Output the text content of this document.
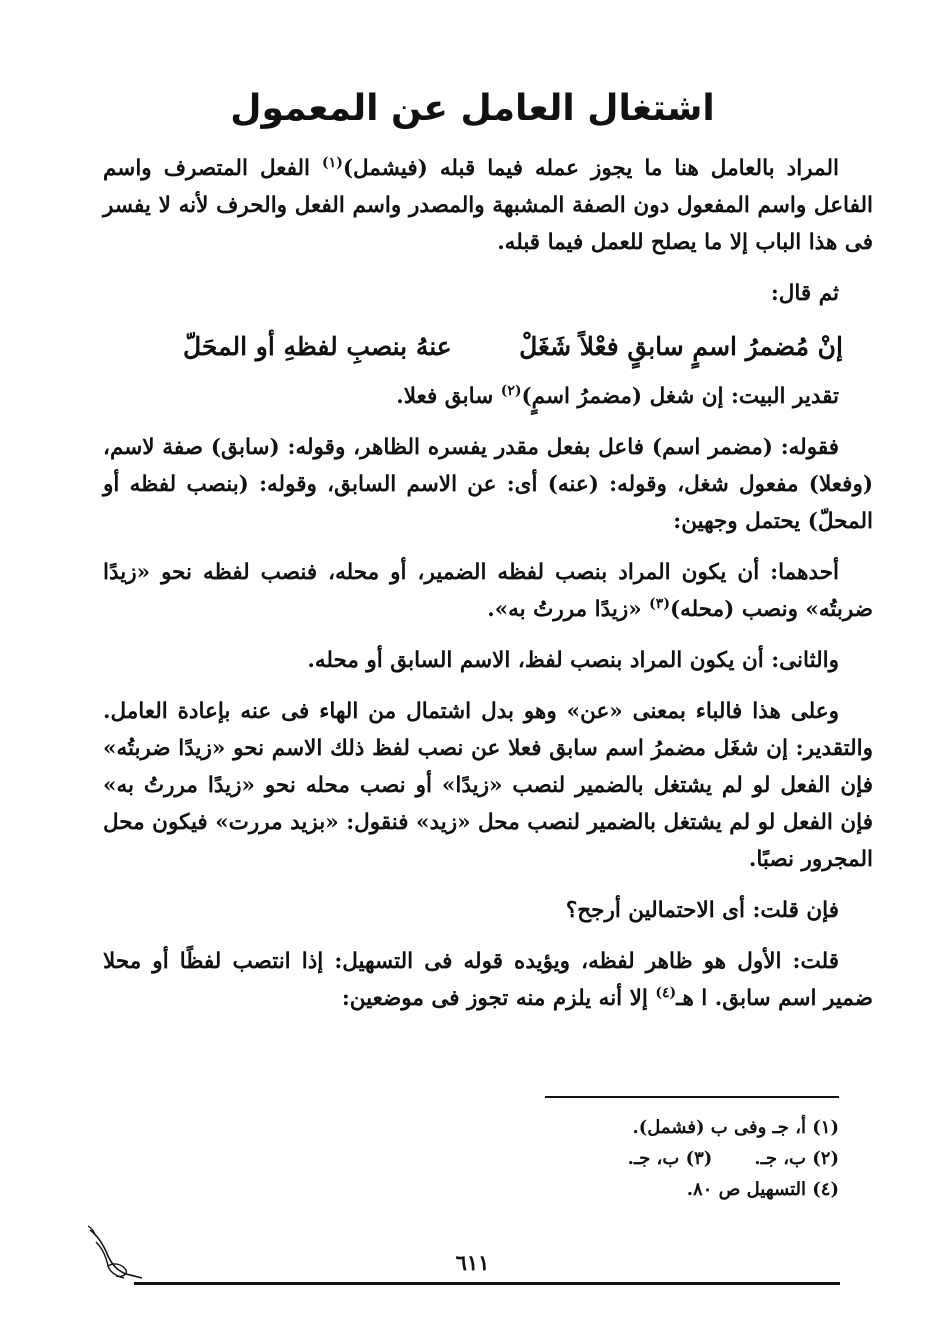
اشتغال العامل عن المعمول

المراد بالعامل هنا ما يجوز عمله فيما قبله (فيشمل)$^{(١)}$ الفعل المتصرف واسم الفاعل واسم المفعول دون الصفة المشبهة والمصدر واسم الفعل والحرف لأنه لا يفسر فى هذا الباب إلا ما يصلح للعمل فيما قبله.

ثم قال:

إنْ مُضمرُ اسمٍ سابقٍ فعْلاً شَغَلْ
عنهُ بنصبِ لفظهِ أو المحَلّ

تقدير البيت: إن شغل (مضمرُ اسمٍ)$^{(٢)}$ سابق فعلا.

فقوله: (مضمر اسم) فاعل بفعل مقدر يفسره الظاهر، وقوله: (سابق) صفة لاسم، (وفعلا) مفعول شغل، وقوله: (عنه) أى: عن الاسم السابق، وقوله: (بنصب لفظه أو المحلّ) يحتمل وجهين:

أحدهما: أن يكون المراد بنصب لفظه الضمير، أو محله، فنصب لفظه نحو «زيدًا ضربتُه» ونصب (محله)$^{(٣)}$ «زيدًا مررتُ به».

والثانى: أن يكون المراد بنصب لفظ، الاسم السابق أو محله.

وعلى هذا فالباء بمعنى «عن» وهو بدل اشتمال من الهاء فى عنه بإعادة العامل. والتقدير: إن شغَل مضمرُ اسم سابق فعلا عن نصب لفظ ذلك الاسم نحو «زيدًا ضربتُه» فإن الفعل لو لم يشتغل بالضمير لنصب «زيدًا» أو نصب محله نحو «زيدًا مررتُ به» فإن الفعل لو لم يشتغل بالضمير لنصب محل «زيد» فنقول: «بزيد مررت» فيكون محل المجرور نصبًا.

فإن قلت: أى الاحتمالين أرجح؟

قلت: الأول هو ظاهر لفظه، ويؤيده قوله فى التسهيل: إذا انتصب لفظًا أو محلا ضمير اسم سابق. ا هـ$^{(٤)}$ إلا أنه يلزم منه تجوز فى موضعين:

(١) أ، جـ وفى ب (فشمل).
(٢) ب، جـ.(٣) ب، جـ.
(٤) التسهيل ص ٨٠.
٦١١
